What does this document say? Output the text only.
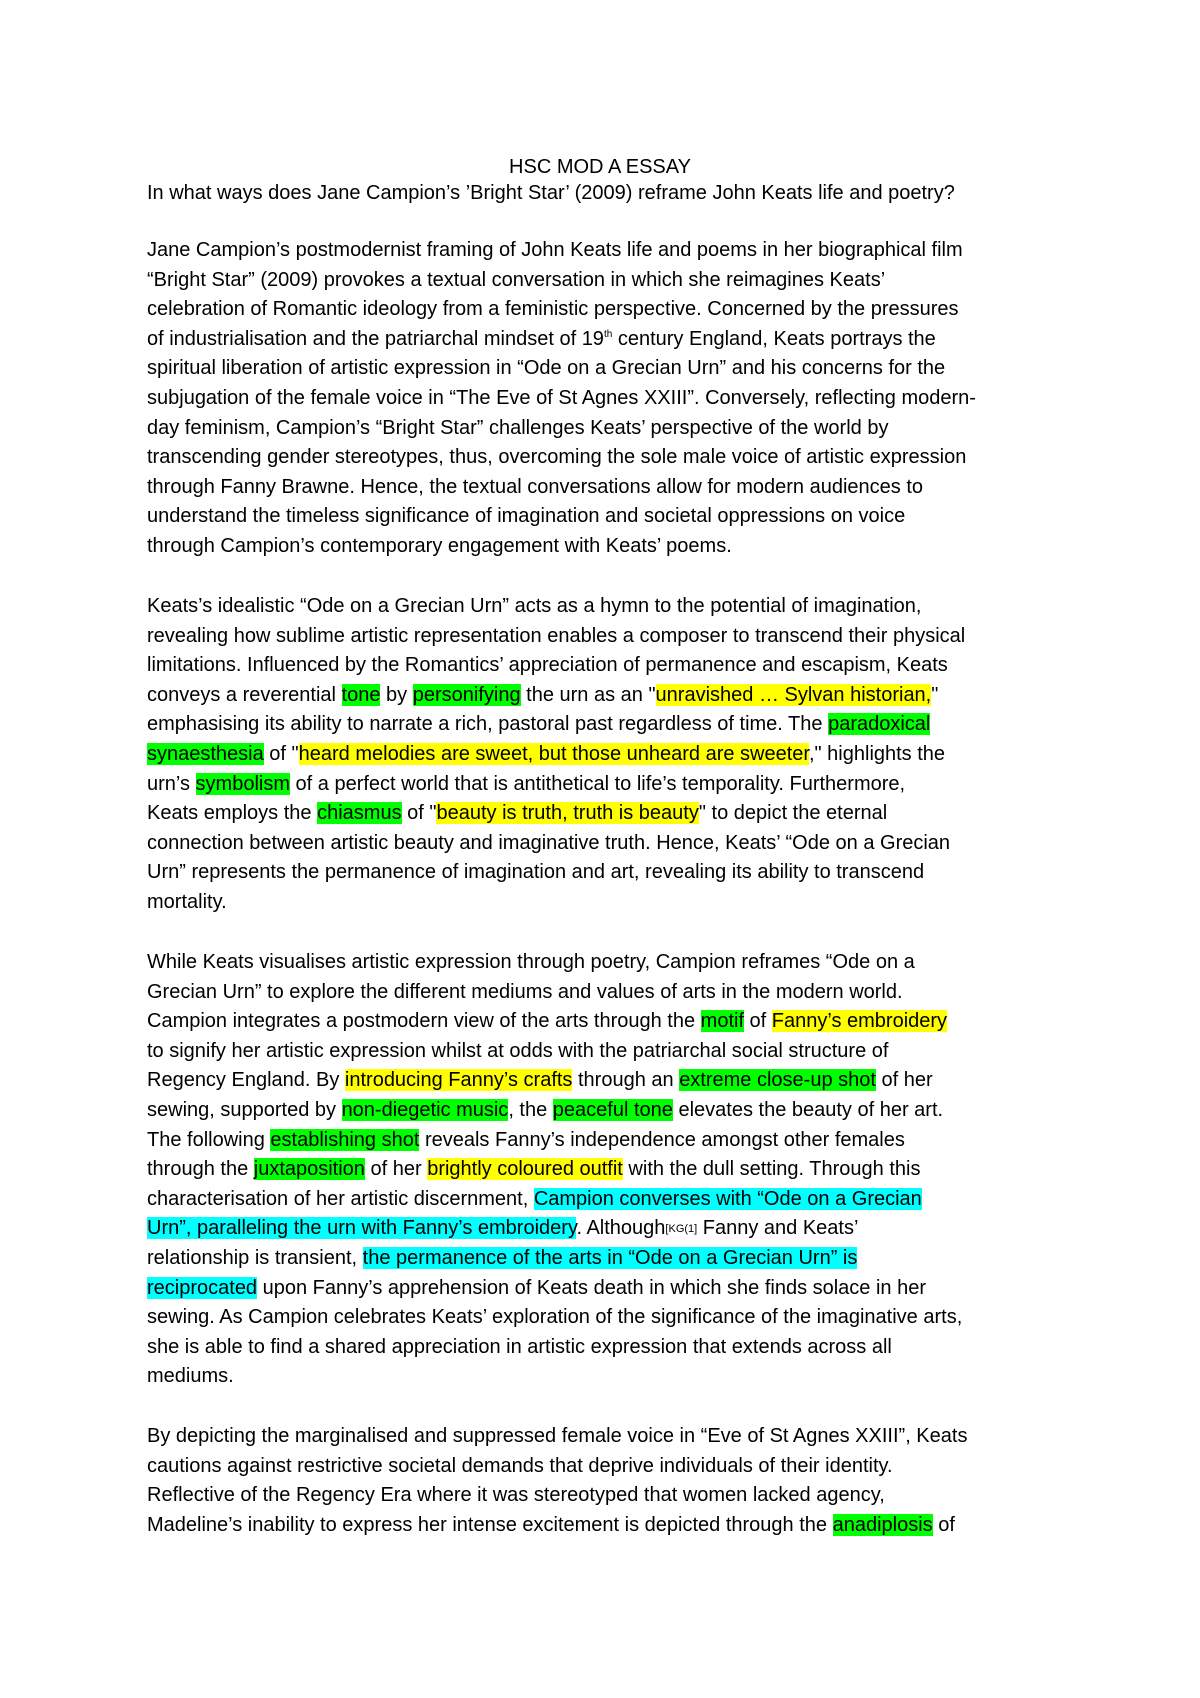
HSC MOD A ESSAY
In what ways does Jane Campion’s ’Bright Star’ (2009) reframe John Keats life and poetry?
Jane Campion’s postmodernist framing of John Keats life and poems in her biographical film
“Bright Star” (2009) provokes a textual conversation in which she reimagines Keats’
celebration of Romantic ideology from a feministic perspective. Concerned by the pressures
of industrialisation and the patriarchal mindset of 19th century England, Keats portrays the
spiritual liberation of artistic expression in “Ode on a Grecian Urn” and his concerns for the
subjugation of the female voice in “The Eve of St Agnes XXIII”. Conversely, reflecting modern-
day feminism, Campion’s “Bright Star” challenges Keats’ perspective of the world by
transcending gender stereotypes, thus, overcoming the sole male voice of artistic expression
through Fanny Brawne. Hence, the textual conversations allow for modern audiences to
understand the timeless significance of imagination and societal oppressions on voice
through Campion’s contemporary engagement with Keats’ poems.
Keats’s idealistic “Ode on a Grecian Urn” acts as a hymn to the potential of imagination,
revealing how sublime artistic representation enables a composer to transcend their physical
limitations. Influenced by the Romantics’ appreciation of permanence and escapism, Keats
conveys a reverential tone by personifying the urn as an "unravished … Sylvan historian,"
emphasising its ability to narrate a rich, pastoral past regardless of time. The paradoxical
synaesthesia of "heard melodies are sweet, but those unheard are sweeter," highlights the
urn’s symbolism of a perfect world that is antithetical to life’s temporality. Furthermore,
Keats employs the chiasmus of "beauty is truth, truth is beauty" to depict the eternal
connection between artistic beauty and imaginative truth. Hence, Keats’ “Ode on a Grecian
Urn” represents the permanence of imagination and art, revealing its ability to transcend
mortality.
While Keats visualises artistic expression through poetry, Campion reframes “Ode on a
Grecian Urn” to explore the different mediums and values of arts in the modern world.
Campion integrates a postmodern view of the arts through the motif of Fanny’s embroidery
to signify her artistic expression whilst at odds with the patriarchal social structure of
Regency England. By introducing Fanny’s crafts through an extreme close-up shot of her
sewing, supported by non-diegetic music, the peaceful tone elevates the beauty of her art.
The following establishing shot reveals Fanny’s independence amongst other females
through the juxtaposition of her brightly coloured outfit with the dull setting. Through this
characterisation of her artistic discernment, Campion converses with “Ode on a Grecian
Urn”, paralleling the urn with Fanny’s embroidery. Although[KG(1] Fanny and Keats’
relationship is transient, the permanence of the arts in “Ode on a Grecian Urn” is
reciprocated upon Fanny’s apprehension of Keats death in which she finds solace in her
sewing. As Campion celebrates Keats’ exploration of the significance of the imaginative arts,
she is able to find a shared appreciation in artistic expression that extends across all
mediums.
By depicting the marginalised and suppressed female voice in “Eve of St Agnes XXIII”, Keats
cautions against restrictive societal demands that deprive individuals of their identity.
Reflective of the Regency Era where it was stereotyped that women lacked agency,
Madeline’s inability to express her intense excitement is depicted through the anadiplosis of
